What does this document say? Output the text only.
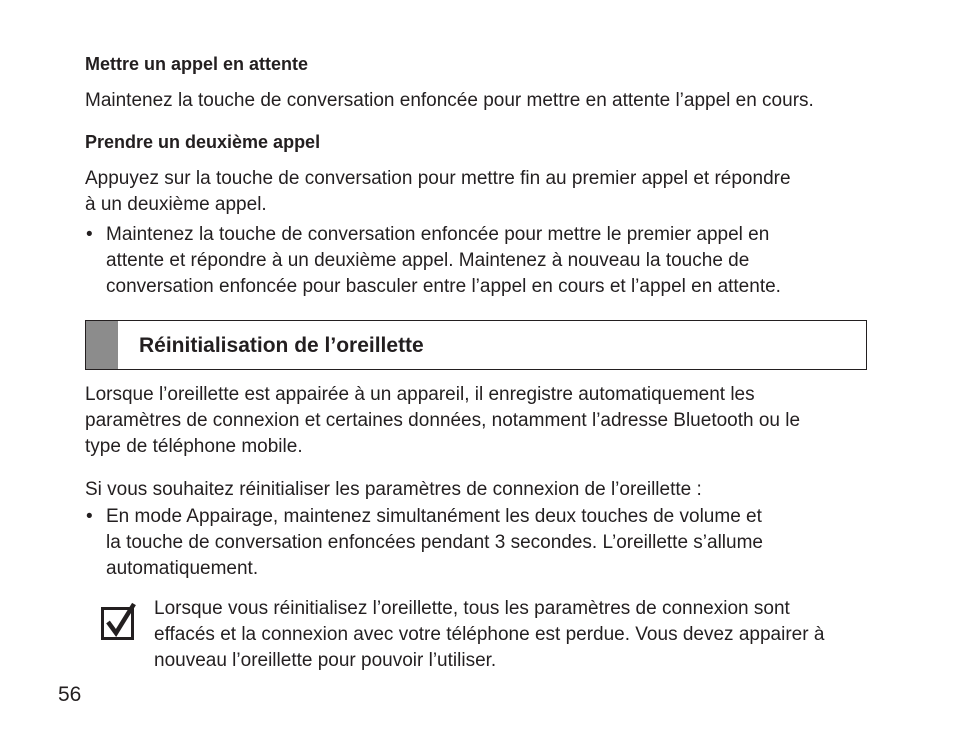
Mettre un appel en attente

Maintenez la touche de conversation enfoncée pour mettre en attente l’appel en cours.

Prendre un deuxième appel

Appuyez sur la touche de conversation pour mettre fin au premier appel et répondre

à un deuxième appel.

• Maintenez la touche de conversation enfoncée pour mettre le premier appel en

attente et répondre à un deuxième appel. Maintenez à nouveau la touche de

conversation enfoncée pour basculer entre l’appel en cours et l’appel en attente.

Réinitialisation de l’oreillette

Lorsque l’oreillette est appairée à un appareil, il enregistre automatiquement les

paramètres de connexion et certaines données, notamment l’adresse Bluetooth ou le

type de téléphone mobile.

Si vous souhaitez réinitialiser les paramètres de connexion de l’oreillette :

• En mode Appairage, maintenez simultanément les deux touches de volume et

la touche de conversation enfoncées pendant 3 secondes. L’oreillette s’allume

automatiquement.

Lorsque vous réinitialisez l’oreillette, tous les paramètres de connexion sont

effacés et la connexion avec votre téléphone est perdue. Vous devez appairer à

nouveau l’oreillette pour pouvoir l’utiliser.

56
